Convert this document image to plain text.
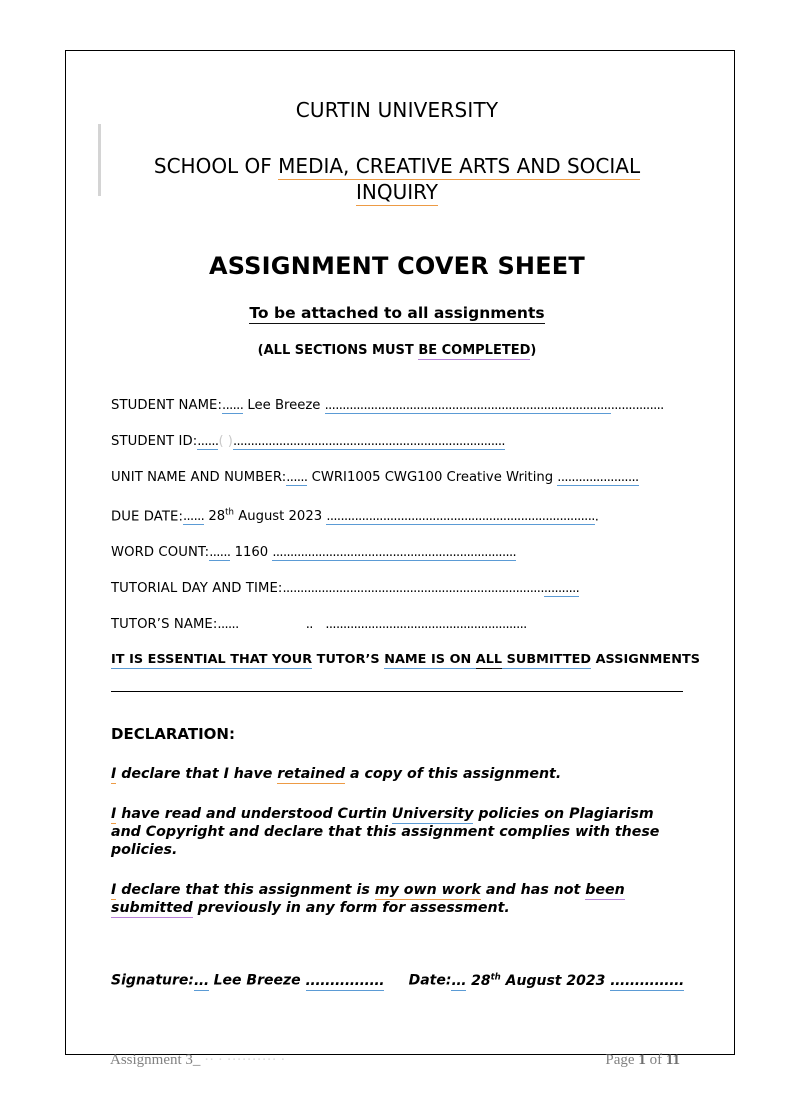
CURTIN UNIVERSITY
SCHOOL OF MEDIA, CREATIVE ARTS AND SOCIAL
INQUIRY
ASSIGNMENT COVER SHEET
To be attached to all assignments
(ALL SECTIONS MUST BE COMPLETED)
STUDENT NAME:...... Lee Breeze ................................................................................................
STUDENT ID:......( ).............................................................................
UNIT NAME AND NUMBER:...... CWRI1005 CWG100 Creative Writing .......................
DUE DATE:...... 28th August 2023 .............................................................................
WORD COUNT:...... 1160 .....................................................................
TUTORIAL DAY AND TIME:....................................................................................
TUTOR’S NAME:......	.. .........................................................
IT IS ESSENTIAL THAT YOUR TUTOR’S NAME IS ON ALL SUBMITTED ASSIGNMENTS
DECLARATION:
I declare that I have retained a copy of this assignment.
I have read and understood Curtin University policies on Plagiarism and Copyright and declare that this assignment complies with these policies.
I declare that this assignment is my own work and has not been submitted previously in any form for assessment.
Signature:... Lee Breeze ................ Date:... 28th August 2023 ...............
Assignment 3_ ·· · ·········· ·	Page 1 of 11
